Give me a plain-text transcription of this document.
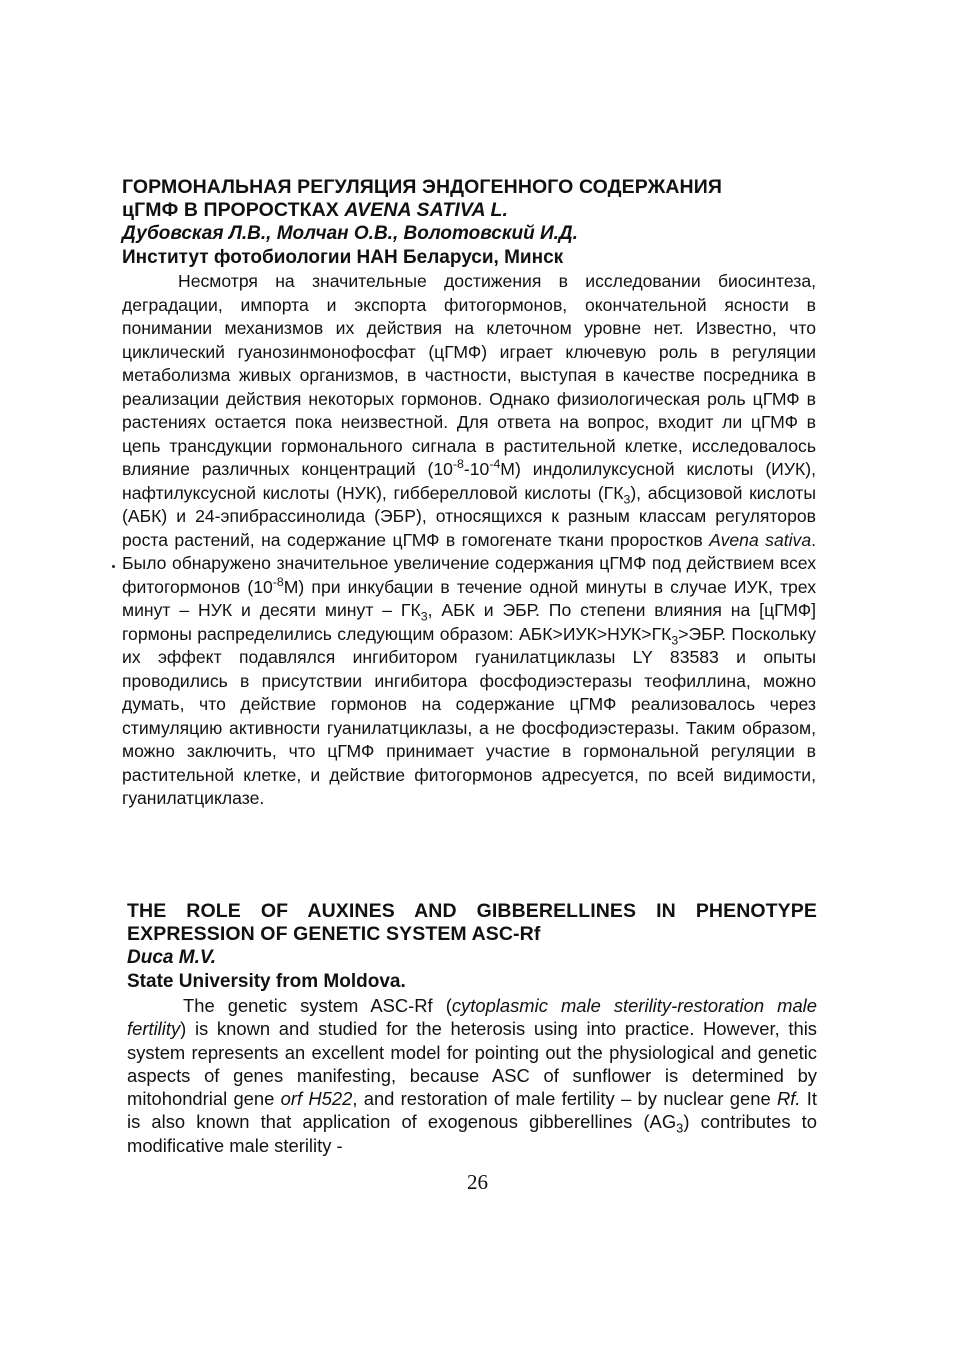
ГОРМОНАЛЬНАЯ РЕГУЛЯЦИЯ ЭНДОГЕННОГО СОДЕРЖАНИЯ
цГМФ В ПРОРОСТКАХ AVENA SATIVA L.

Дубовская Л.В., Молчан О.В., Волотовский И.Д.

Институт фотобиологии НАН Беларуси, Минск

Несмотря на значительные достижения в исследовании биосинтеза, деградации, импорта и экспорта фитогормонов, окончательной ясности в понимании механизмов их действия на клеточном уровне нет. Известно, что циклический гуанозинмонофосфат (цГМФ) играет ключевую роль в регуляции метаболизма живых организмов, в частности, выступая в качестве посредника в реализации действия некоторых гормонов. Однако физиологическая роль цГМФ в растениях остается пока неизвестной. Для ответа на вопрос, входит ли цГМФ в цепь трансдукции гормонального сигнала в растительной клетке, исследовалось влияние различных концентраций $(10^{-8}-10^{-4}М)$ индолилуксусной кислоты (ИУК), нафтилуксусной кислоты (НУК), гибберелловой кислоты $(ГК_3)$, абсцизовой кислоты (АБК) и 24-эпибрассинолида (ЭБР), относящихся к разным классам регуляторов роста растений, на содержание цГМФ в гомогенате ткани проростков Avena sativa. Было обнаружено значительное увеличение содержания цГМФ под действием всех фитогормонов $(10^{-8}М)$ при инкубации в течение одной минуты в случае ИУК, трех минут – НУК и десяти минут – $ГК_3$, АБК и ЭБР. По степени влияния на [цГМФ] гормоны распределились следующим образом: $АБК>ИУК>НУК>ГК_3>ЭБР$. Поскольку их эффект подавлялся ингибитором гуанилатциклазы LY 83583 и опыты проводились в присутствии ингибитора фосфодиэстеразы теофиллина, можно думать, что действие гормонов на содержание цГМФ реализовалось через стимуляцию активности гуанилатциклазы, а не фосфодиэстеразы. Таким образом, можно заключить, что цГМФ принимает участие в гормональной регуляции в растительной клетке, и действие фитогормонов адресуется, по всей видимости, гуанилатциклазе.

THE ROLE OF AUXINES AND GIBBERELLINES IN PHENOTYPE EXPRESSION OF GENETIC SYSTEM ASC-Rf

Duca M.V.

State University from Moldova.

The genetic system ASC-Rf (cytoplasmic male sterility-restoration male fertility) is known and studied for the heterosis using into practice. However, this system represents an excellent model for pointing out the physiological and genetic aspects of genes manifesting, because ASC of sunflower is determined by mitohondrial gene orf H522, and restoration of male fertility – by nuclear gene Rf. It is also known that application of exogenous gibberellines $(AG_3)$ contributes to modificative male sterility -

26
